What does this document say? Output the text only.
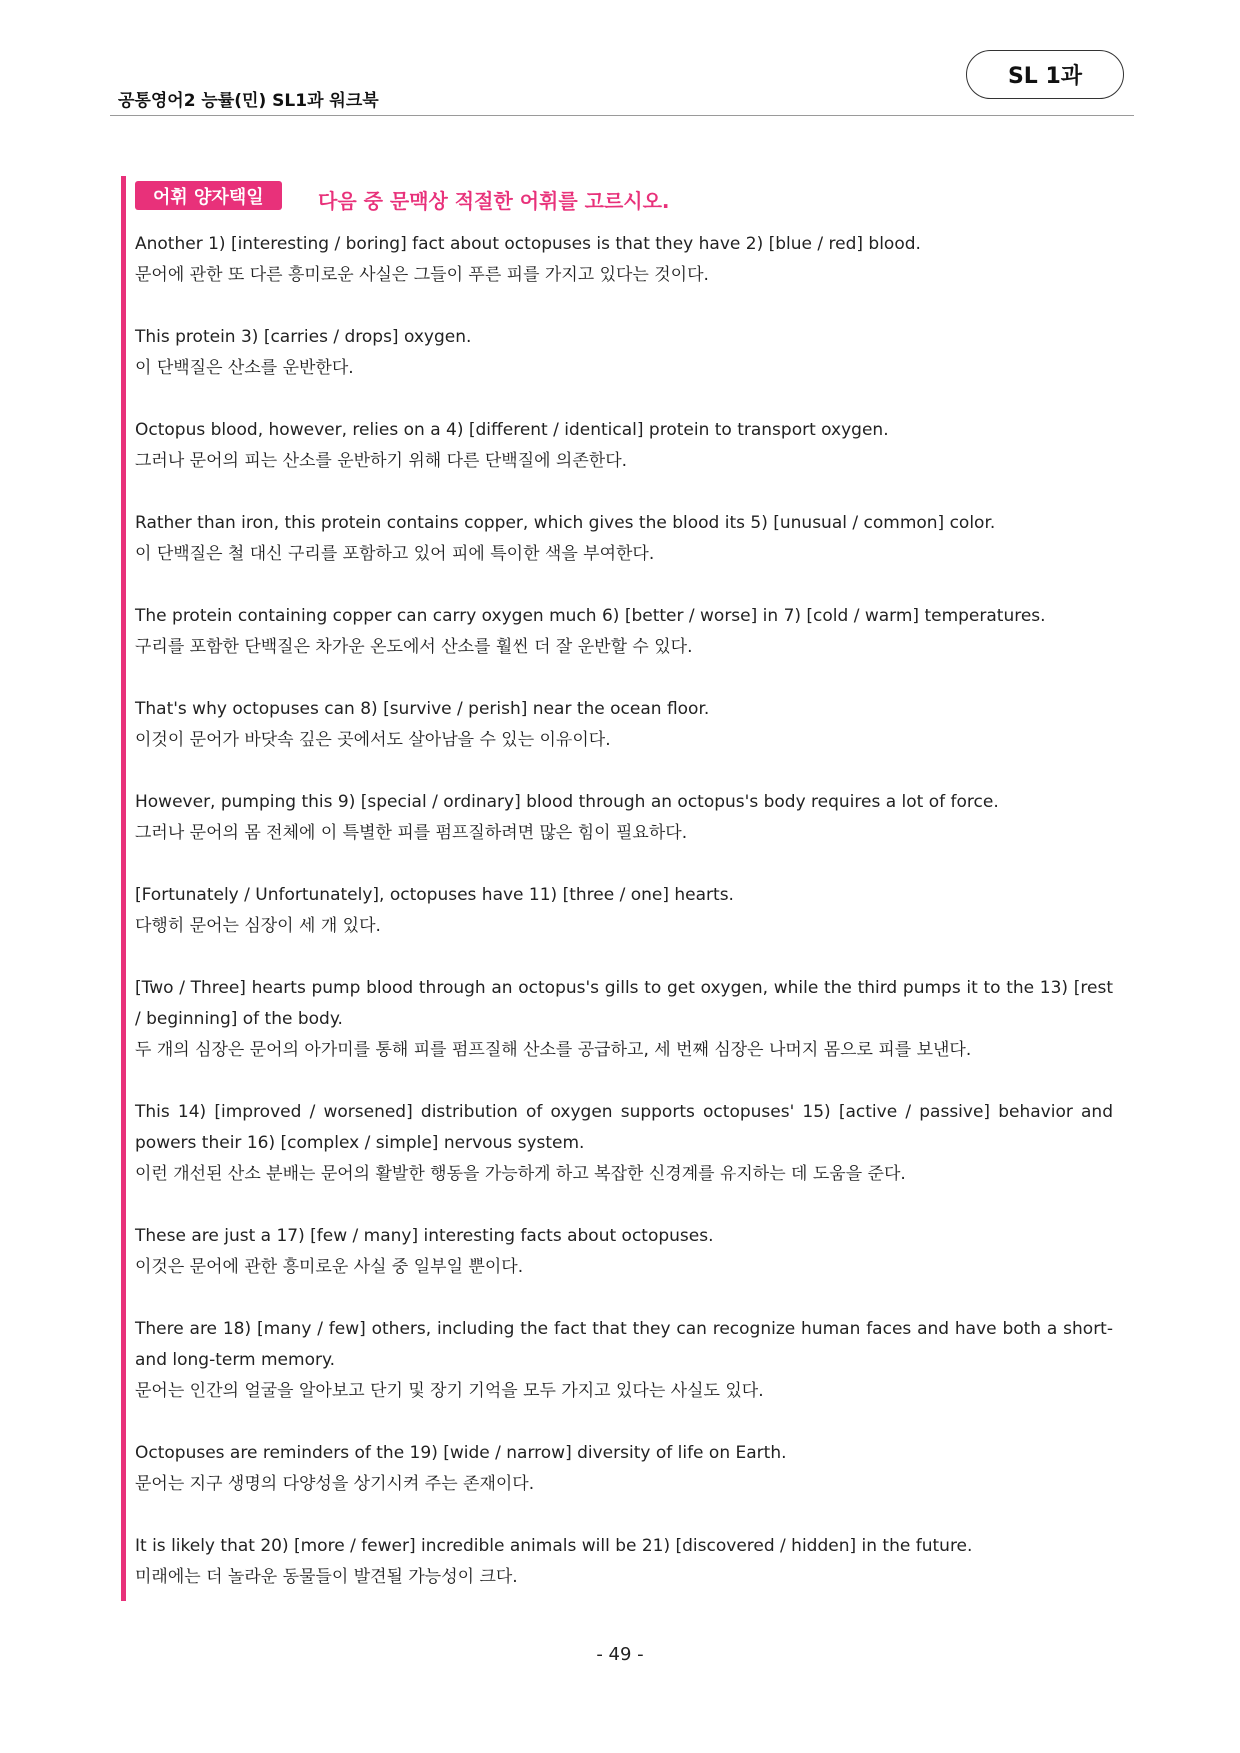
공통영어2 능률(민) SL1과 워크북
SL 1과
어휘 양자택일	다음 중 문맥상 적절한 어휘를 고르시오.
Another 1) [interesting / boring] fact about octopuses is that they have 2) [blue / red] blood.
문어에 관한 또 다른 흥미로운 사실은 그들이 푸른 피를 가지고 있다는 것이다.
This protein 3) [carries / drops] oxygen.
이 단백질은 산소를 운반한다.
Octopus blood, however, relies on a 4) [different / identical] protein to transport oxygen.
그러나 문어의 피는 산소를 운반하기 위해 다른 단백질에 의존한다.
Rather than iron, this protein contains copper, which gives the blood its 5) [unusual / common] color.
이 단백질은 철 대신 구리를 포함하고 있어 피에 특이한 색을 부여한다.
The protein containing copper can carry oxygen much 6) [better / worse] in 7) [cold / warm] temperatures.
구리를 포함한 단백질은 차가운 온도에서 산소를 훨씬 더 잘 운반할 수 있다.
That's why octopuses can 8) [survive / perish] near the ocean floor.
이것이 문어가 바닷속 깊은 곳에서도 살아남을 수 있는 이유이다.
However, pumping this 9) [special / ordinary] blood through an octopus's body requires a lot of force.
그러나 문어의 몸 전체에 이 특별한 피를 펌프질하려면 많은 힘이 필요하다.
[Fortunately / Unfortunately], octopuses have 11) [three / one] hearts.
다행히 문어는 심장이 세 개 있다.
[Two / Three] hearts pump blood through an octopus's gills to get oxygen, while the third pumps it to the 13) [rest / beginning] of the body.
두 개의 심장은 문어의 아가미를 통해 피를 펌프질해 산소를 공급하고, 세 번째 심장은 나머지 몸으로 피를 보낸다.
This 14) [improved / worsened] distribution of oxygen supports octopuses' 15) [active / passive] behavior and powers their 16) [complex / simple] nervous system.
이런 개선된 산소 분배는 문어의 활발한 행동을 가능하게 하고 복잡한 신경계를 유지하는 데 도움을 준다.
These are just a 17) [few / many] interesting facts about octopuses.
이것은 문어에 관한 흥미로운 사실 중 일부일 뿐이다.
There are 18) [many / few] others, including the fact that they can recognize human faces and have both a short- and long-term memory.
문어는 인간의 얼굴을 알아보고 단기 및 장기 기억을 모두 가지고 있다는 사실도 있다.
Octopuses are reminders of the 19) [wide / narrow] diversity of life on Earth.
문어는 지구 생명의 다양성을 상기시켜 주는 존재이다.
It is likely that 20) [more / fewer] incredible animals will be 21) [discovered / hidden] in the future.
미래에는 더 놀라운 동물들이 발견될 가능성이 크다.
- 49 -
